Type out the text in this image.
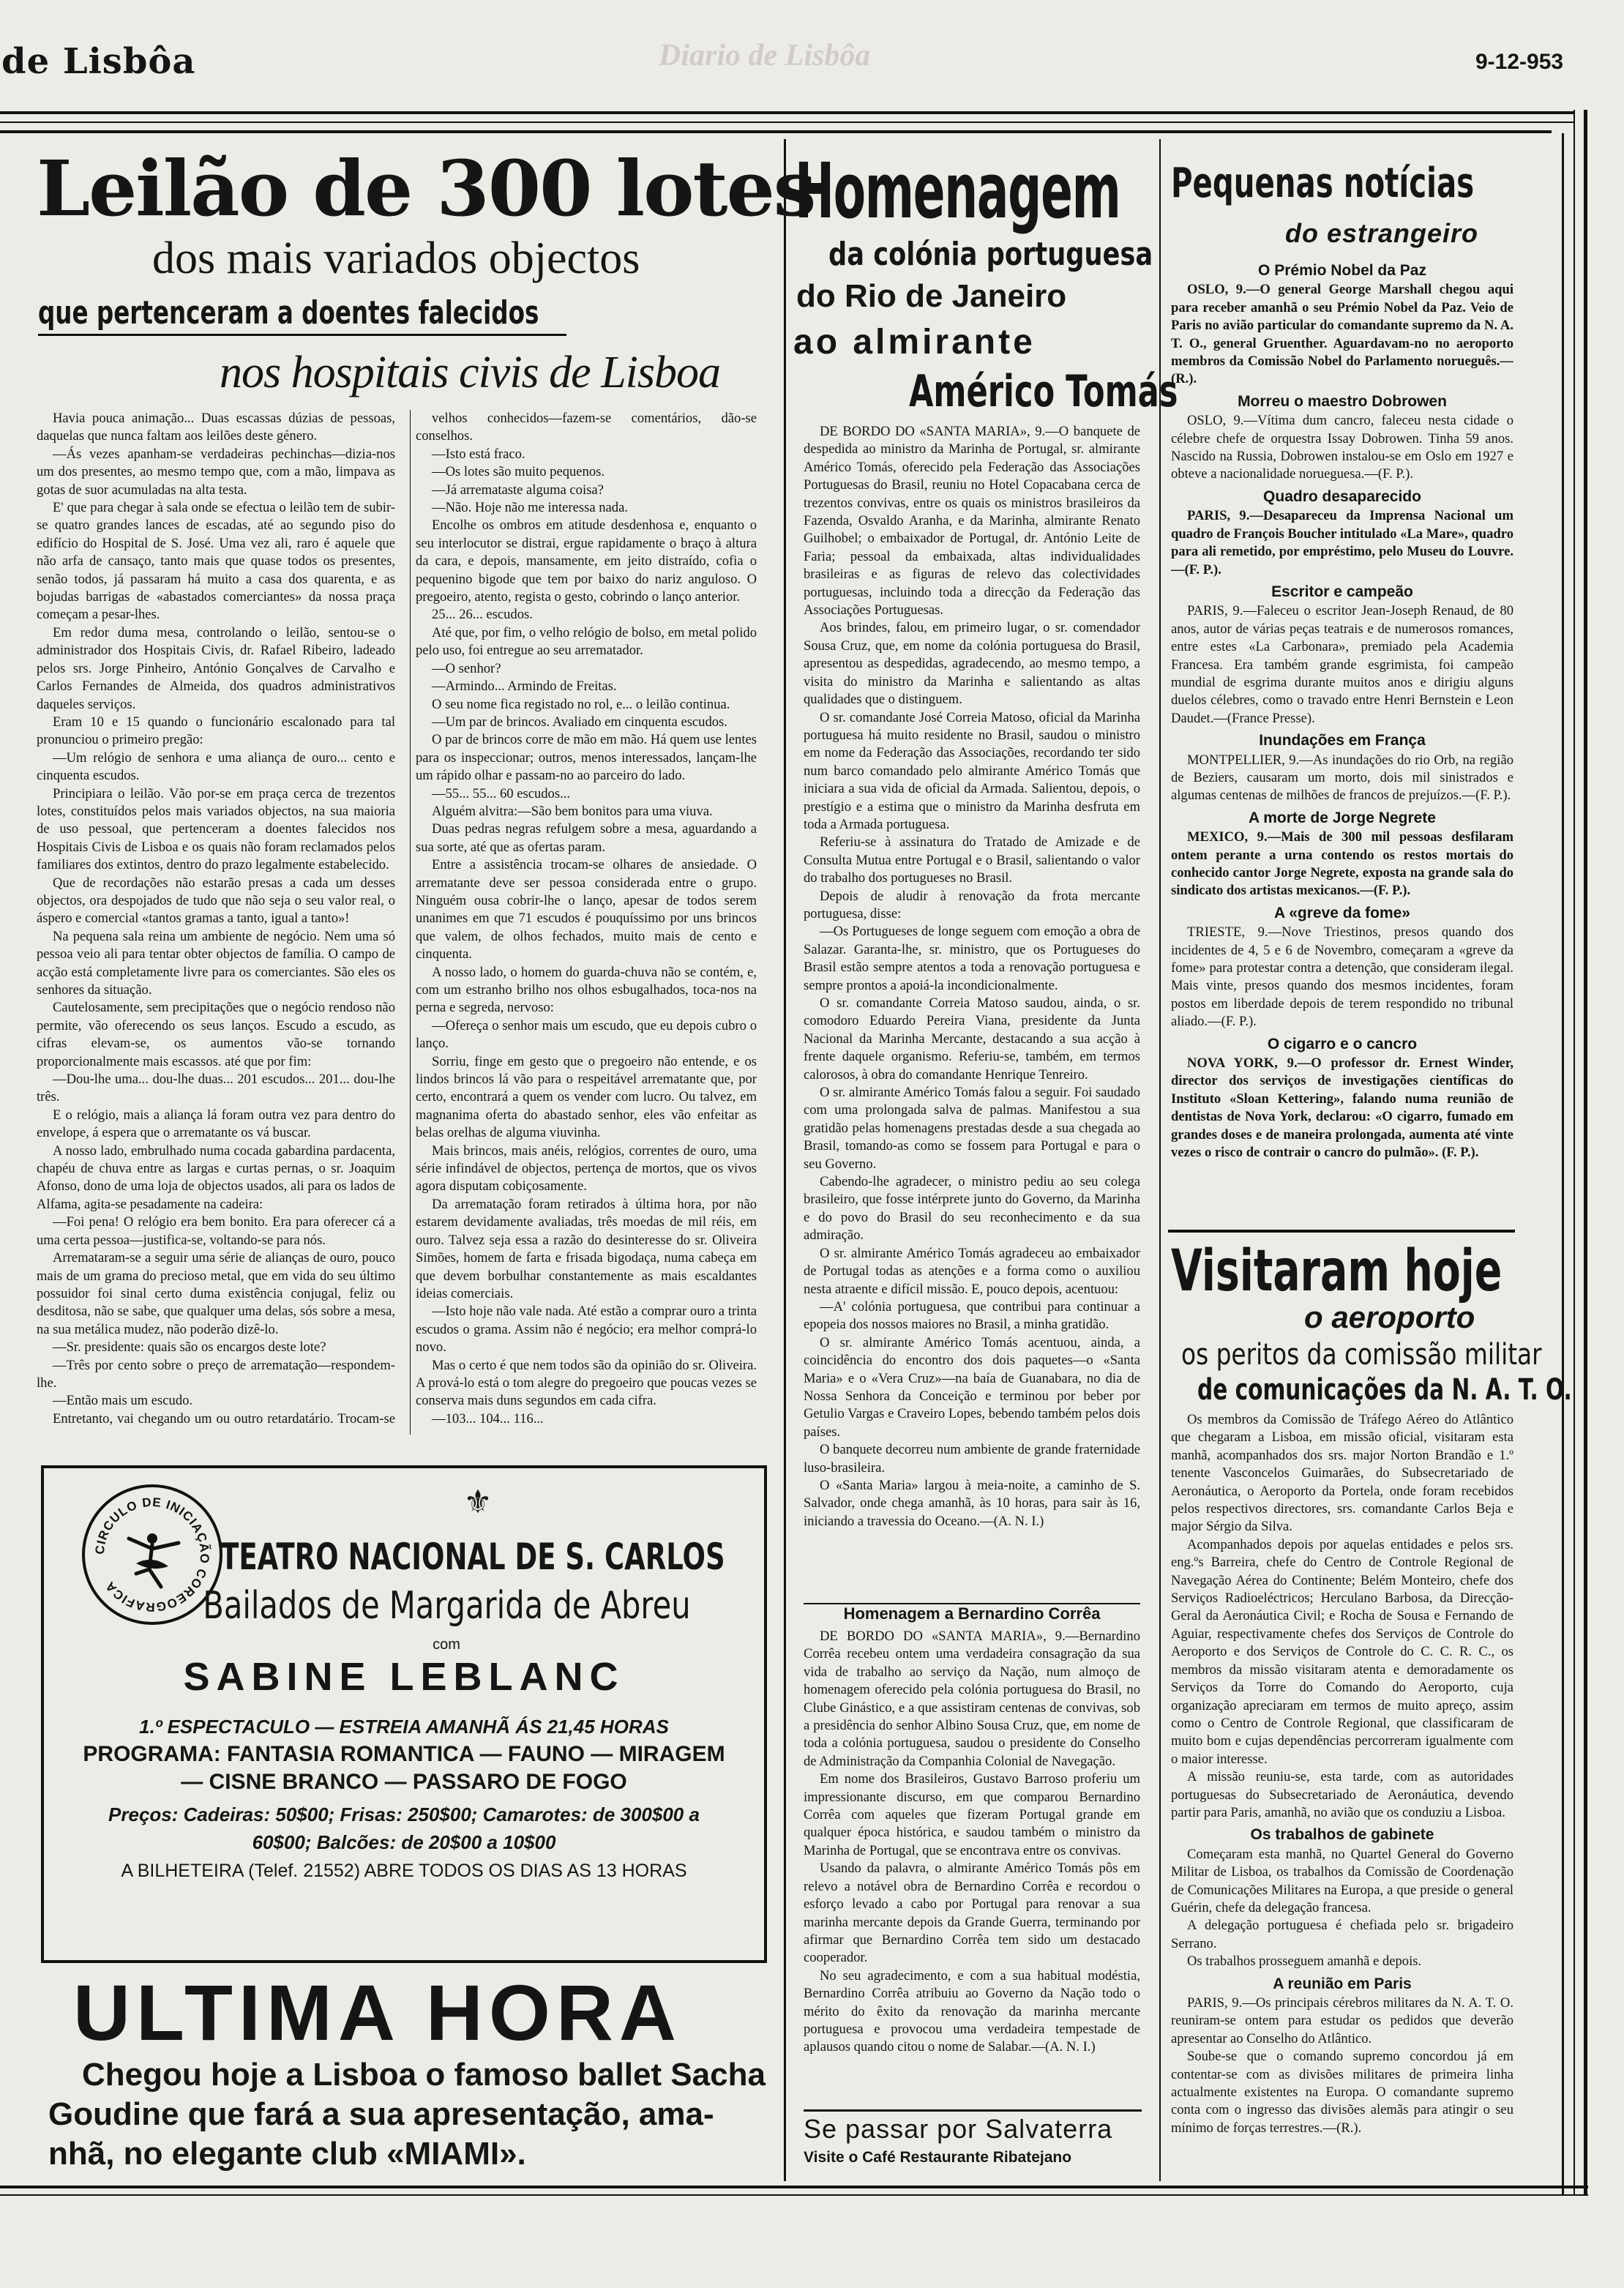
de Lisbôa	Diario de Lisbôa	9-12-953
Leilão de 300 lotes
dos mais variados objectos
que pertenceram a doentes falecidos
nos hospitais civis de Lisboa

Havia pouca animação... Duas escassas dúzias de pessoas, daquelas que nunca faltam aos leilões deste género.

—Ás vezes apanham-se verdadeiras pechinchas—dizia-nos um dos presentes, ao mesmo tempo que, com a mão, limpava as gotas de suor acumuladas na alta testa.

E' que para chegar à sala onde se efectua o leilão tem de subir-se quatro grandes lances de escadas, até ao segundo piso do edifício do Hospital de S. José. Uma vez ali, raro é aquele que não arfa de cansaço, tanto mais que quase todos os presentes, senão todos, já passaram há muito a casa dos quarenta, e as bojudas barrigas de «abastados comerciantes» da nossa praça começam a pesar-lhes.

Em redor duma mesa, controlando o leilão, sentou-se o administrador dos Hospitais Civis, dr. Rafael Ribeiro, ladeado pelos srs. Jorge Pinheiro, António Gonçalves de Carvalho e Carlos Fernandes de Almeida, dos quadros administrativos daqueles serviços.

Eram 10 e 15 quando o funcionário escalonado para tal pronunciou o primeiro pregão:

—Um relógio de senhora e uma aliança de ouro... cento e cinquenta escudos.

Principiara o leilão. Vão por-se em praça cerca de trezentos lotes, constituídos pelos mais variados objectos, na sua maioria de uso pessoal, que pertenceram a doentes falecidos nos Hospitais Civis de Lisboa e os quais não foram reclamados pelos familiares dos extintos, dentro do prazo legalmente estabelecido.

Que de recordações não estarão presas a cada um desses objectos, ora despojados de tudo que não seja o seu valor real, o áspero e comercial «tantos gramas a tanto, igual a tanto»!

Na pequena sala reina um ambiente de negócio. Nem uma só pessoa veio ali para tentar obter objectos de família. O campo de acção está completamente livre para os comerciantes. São eles os senhores da situação.

Cautelosamente, sem precipitações que o negócio rendoso não permite, vão oferecendo os seus lanços. Escudo a escudo, as cifras elevam-se, os aumentos vão-se tornando proporcionalmente mais escassos. até que por fim:

—Dou-lhe uma... dou-lhe duas... 201 escudos... 201... dou-lhe três.

E o relógio, mais a aliança lá foram outra vez para dentro do envelope, á espera que o arrematante os vá buscar.

A nosso lado, embrulhado numa cocada gabardina pardacenta, chapéu de chuva entre as largas e curtas pernas, o sr. Joaquim Afonso, dono de uma loja de objectos usados, ali para os lados de Alfama, agita-se pesadamente na cadeira:

—Foi pena! O relógio era bem bonito. Era para oferecer cá a uma certa pessoa—justifica-se, voltando-se para nós.

Arremataram-se a seguir uma série de alianças de ouro, pouco mais de um grama do precioso metal, que em vida do seu último possuidor foi sinal certo duma existência conjugal, feliz ou desditosa, não se sabe, que qualquer uma delas, sós sobre a mesa, na sua metálica mudez, não poderão dizê-lo.

—Sr. presidente: quais são os encargos deste lote?

—Três por cento sobre o preço de arrematação—respondem-lhe.

—Então mais um escudo.

Entretanto, vai chegando um ou outro retardatário. Trocam-se

velhos conhecidos—fazem-se comentários, dão-se conselhos.

—Isto está fraco.

—Os lotes são muito pequenos.

—Já arremataste alguma coisa?

—Não. Hoje não me interessa nada.

Encolhe os ombros em atitude desdenhosa e, enquanto o seu interlocutor se distrai, ergue rapidamente o braço à altura da cara, e depois, mansamente, em jeito distraído, cofia o pequenino bigode que tem por baixo do nariz anguloso. O pregoeiro, atento, regista o gesto, cobrindo o lanço anterior.

25... 26... escudos.

Até que, por fim, o velho relógio de bolso, em metal polido pelo uso, foi entregue ao seu arrematador.

—O senhor?

—Armindo... Armindo de Freitas.

O seu nome fica registado no rol, e... o leilão continua.

—Um par de brincos. Avaliado em cinquenta escudos.

O par de brincos corre de mão em mão. Há quem use lentes para os inspeccionar; outros, menos interessados, lançam-lhe um rápido olhar e passam-no ao parceiro do lado.

—55... 55... 60 escudos...

Alguém alvitra:—São bem bonitos para uma viuva.

Duas pedras negras refulgem sobre a mesa, aguardando a sua sorte, até que as ofertas param.

Entre a assistência trocam-se olhares de ansiedade. O arrematante deve ser pessoa considerada entre o grupo. Ninguém ousa cobrir-lhe o lanço, apesar de todos serem unanimes em que 71 escudos é pouquíssimo por uns brincos que valem, de olhos fechados, muito mais de cento e cinquenta.

A nosso lado, o homem do guarda-chuva não se contém, e, com um estranho brilho nos olhos esbugalhados, toca-nos na perna e segreda, nervoso:

—Ofereça o senhor mais um escudo, que eu depois cubro o lanço.

Sorriu, finge em gesto que o pregoeiro não entende, e os lindos brincos lá vão para o respeitável arrematante que, por certo, encontrará a quem os vender com lucro. Ou talvez, em magnanima oferta do abastado senhor, eles vão enfeitar as belas orelhas de alguma viuvinha.

Mais brincos, mais anéis, relógios, correntes de ouro, uma série infindável de objectos, pertença de mortos, que os vivos agora disputam cobiçosamente.

Da arrematação foram retirados à última hora, por não estarem devidamente avaliadas, três moedas de mil réis, em ouro. Talvez seja essa a razão do desinteresse do sr. Oliveira Simões, homem de farta e frisada bigodaça, numa cabeça em que devem borbulhar constantemente as mais escaldantes ideias comerciais.

—Isto hoje não vale nada. Até estão a comprar ouro a trinta escudos o grama. Assim não é negócio; era melhor comprá-lo novo.

Mas o certo é que nem todos são da opinião do sr. Oliveira. A prová-lo está o tom alegre do pregoeiro que poucas vezes se conserva mais duns segundos em cada cifra.

—103... 104... 116...

CIRCULO DE INICIAÇÃO COREOGRAFICA
⚜
TEATRO NACIONAL DE S. CARLOS
Bailados de Margarida de Abreu
com
SABINE LEBLANC
1.º ESPECTACULO — ESTREIA AMANHÃ ÁS 21,45 HORAS
PROGRAMA: FANTASIA ROMANTICA — FAUNO — MIRAGEM
— CISNE BRANCO — PASSARO DE FOGO
Preços: Cadeiras: 50$00; Frisas: 250$00; Camarotes: de 300$00 a
60$00; Balcões: de 20$00 a 10$00
A BILHETEIRA (Telef. 21552) ABRE TODOS OS DIAS AS 13 HORAS
ULTIMA HORA
Chegou hoje a Lisboa o famoso ballet Sacha
Goudine que fará a sua apresentação, ama-
nhã, no elegante club «MIAMI».
Homenagem
da colónia portuguesa
do Rio de Janeiro
ao almirante
Américo Tomás

DE BORDO DO «SANTA MARIA», 9.—O banquete de despedida ao ministro da Marinha de Portugal, sr. almirante Américo Tomás, oferecido pela Federação das Associações Portuguesas do Brasil, reuniu no Hotel Copacabana cerca de trezentos convivas, entre os quais os ministros brasileiros da Fazenda, Osvaldo Aranha, e da Marinha, almirante Renato Guilhobel; o embaixador de Portugal, dr. António Leite de Faria; pessoal da embaixada, altas individualidades brasileiras e as figuras de relevo das colectividades portuguesas, incluindo toda a direcção da Federação das Associações Portuguesas.

Aos brindes, falou, em primeiro lugar, o sr. comendador Sousa Cruz, que, em nome da colónia portuguesa do Brasil, apresentou as despedidas, agradecendo, ao mesmo tempo, a visita do ministro da Marinha e salientando as altas qualidades que o distinguem.

O sr. comandante José Correia Matoso, oficial da Marinha portuguesa há muito residente no Brasil, saudou o ministro em nome da Federação das Associações, recordando ter sido num barco comandado pelo almirante Américo Tomás que iniciara a sua vida de oficial da Armada. Salientou, depois, o prestígio e a estima que o ministro da Marinha desfruta em toda a Armada portuguesa.

Referiu-se à assinatura do Tratado de Amizade e de Consulta Mutua entre Portugal e o Brasil, salientando o valor do trabalho dos portugueses no Brasil.

Depois de aludir à renovação da frota mercante portuguesa, disse:

—Os Portugueses de longe seguem com emoção a obra de Salazar. Garanta-lhe, sr. ministro, que os Portugueses do Brasil estão sempre atentos a toda a renovação portuguesa e sempre prontos a apoiá-la incondicionalmente.

O sr. comandante Correia Matoso saudou, ainda, o sr. comodoro Eduardo Pereira Viana, presidente da Junta Nacional da Marinha Mercante, destacando a sua acção à frente daquele organismo. Referiu-se, também, em termos calorosos, à obra do comandante Henrique Tenreiro.

O sr. almirante Américo Tomás falou a seguir. Foi saudado com uma prolongada salva de palmas. Manifestou a sua gratidão pelas homenagens prestadas desde a sua chegada ao Brasil, tomando-as como se fossem para Portugal e para o seu Governo.

Cabendo-lhe agradecer, o ministro pediu ao seu colega brasileiro, que fosse intérprete junto do Governo, da Marinha e do povo do Brasil do seu reconhecimento e da sua admiração.

O sr. almirante Américo Tomás agradeceu ao embaixador de Portugal todas as atenções e a forma como o auxiliou nesta atraente e difícil missão. E, pouco depois, acentuou:

—A' colónia portuguesa, que contribui para continuar a epopeia dos nossos maiores no Brasil, a minha gratidão.

O sr. almirante Américo Tomás acentuou, ainda, a coincidência do encontro dos dois paquetes—o «Santa Maria» e o «Vera Cruz»—na baía de Guanabara, no dia de Nossa Senhora da Conceição e terminou por beber por Getulio Vargas e Craveiro Lopes, bebendo também pelos dois países.

O banquete decorreu num ambiente de grande fraternidade luso-brasileira.

O «Santa Maria» largou à meia-noite, a caminho de S. Salvador, onde chega amanhã, às 10 horas, para sair às 16, iniciando a travessia do Oceano.—(A. N. I.)

Homenagem a Bernardino Corrêa

DE BORDO DO «SANTA MARIA», 9.—Bernardino Corrêa recebeu ontem uma verdadeira consagração da sua vida de trabalho ao serviço da Nação, num almoço de homenagem oferecido pela colónia portuguesa do Brasil, no Clube Ginástico, e a que assistiram centenas de convivas, sob a presidência do senhor Albino Sousa Cruz, que, em nome de toda a colónia portuguesa, saudou o presidente do Conselho de Administração da Companhia Colonial de Navegação.

Em nome dos Brasileiros, Gustavo Barroso proferiu um impressionante discurso, em que comparou Bernardino Corrêa com aqueles que fizeram Portugal grande em qualquer época histórica, e saudou também o ministro da Marinha de Portugal, que se encontrava entre os convivas.

Usando da palavra, o almirante Américo Tomás pôs em relevo a notável obra de Bernardino Corrêa e recordou o esforço levado a cabo por Portugal para renovar a sua marinha mercante depois da Grande Guerra, terminando por afirmar que Bernardino Corrêa tem sido um destacado cooperador.

No seu agradecimento, e com a sua habitual modéstia, Bernardino Corrêa atribuiu ao Governo da Nação todo o mérito do êxito da renovação da marinha mercante portuguesa e provocou uma verdadeira tempestade de aplausos quando citou o nome de Salabar.—(A. N. I.)

Se passar por Salvaterra
Visite o Café Restaurante Ribatejano
Pequenas notícias
do estrangeiro
O Prémio Nobel da Paz

OSLO, 9.—O general George Marshall chegou aqui para receber amanhã o seu Prémio Nobel da Paz. Veio de Paris no avião particular do comandante supremo da N. A. T. O., general Gruenther. Aguardavam-no no aeroporto membros da Comissão Nobel do Parlamento norueguês.—(R.).

Morreu o maestro Dobrowen

OSLO, 9.—Vítima dum cancro, faleceu nesta cidade o célebre chefe de orquestra Issay Dobrowen. Tinha 59 anos. Nascido na Russia, Dobrowen instalou-se em Oslo em 1927 e obteve a nacionalidade norueguesa.—(F. P.).

Quadro desaparecido

PARIS, 9.—Desapareceu da Imprensa Nacional um quadro de François Boucher intitulado «La Mare», quadro para ali remetido, por empréstimo, pelo Museu do Louvre.—(F. P.).

Escritor e campeão

PARIS, 9.—Faleceu o escritor Jean-Joseph Renaud, de 80 anos, autor de várias peças teatrais e de numerosos romances, entre estes «La Carbonara», premiado pela Academia Francesa. Era também grande esgrimista, foi campeão mundial de esgrima durante muitos anos e dirigiu alguns duelos célebres, como o travado entre Henri Bernstein e Leon Daudet.—(France Presse).

Inundações em França

MONTPELLIER, 9.—As inundações do rio Orb, na região de Beziers, causaram um morto, dois mil sinistrados e algumas centenas de milhões de francos de prejuízos.—(F. P.).

A morte de Jorge Negrete

MEXICO, 9.—Mais de 300 mil pessoas desfilaram ontem perante a urna contendo os restos mortais do conhecido cantor Jorge Negrete, exposta na grande sala do sindicato dos artistas mexicanos.—(F. P.).

A «greve da fome»

TRIESTE, 9.—Nove Triestinos, presos quando dos incidentes de 4, 5 e 6 de Novembro, começaram a «greve da fome» para protestar contra a detenção, que consideram ilegal. Mais vinte, presos quando dos mesmos incidentes, foram postos em liberdade depois de terem respondido no tribunal aliado.—(F. P.).

O cigarro e o cancro

NOVA YORK, 9.—O professor dr. Ernest Winder, director dos serviços de investigações científicas do Instituto «Sloan Kettering», falando numa reunião de dentistas de Nova York, declarou: «O cigarro, fumado em grandes doses e de maneira prolongada, aumenta até vinte vezes o risco de contrair o cancro do pulmão». (F. P.).

Visitaram hoje
o aeroporto
os peritos da comissão militar
de comunicações da N. A. T. O.

Os membros da Comissão de Tráfego Aéreo do Atlântico que chegaram a Lisboa, em missão oficial, visitaram esta manhã, acompanhados dos srs. major Norton Brandão e 1.º tenente Vasconcelos Guimarães, do Subsecretariado de Aeronáutica, o Aeroporto da Portela, onde foram recebidos pelos respectivos directores, srs. comandante Carlos Beja e major Sérgio da Silva.

Acompanhados depois por aquelas entidades e pelos srs. eng.ºs Barreira, chefe do Centro de Controle Regional de Navegação Aérea do Continente; Belém Monteiro, chefe dos Serviços Radioeléctricos; Herculano Barbosa, da Direcção-Geral da Aeronáutica Civil; e Rocha de Sousa e Fernando de Aguiar, respectivamente chefes dos Serviços de Controle do Aeroporto e dos Serviços de Controle do C. C. R. C., os membros da missão visitaram atenta e demoradamente os Serviços da Torre do Comando do Aeroporto, cuja organização apreciaram em termos de muito apreço, assim como o Centro de Controle Regional, que classificaram de muito bom e cujas dependências percorreram igualmente com o maior interesse.

A missão reuniu-se, esta tarde, com as autoridades portuguesas do Subsecretariado de Aeronáutica, devendo partir para Paris, amanhã, no avião que os conduziu a Lisboa.

Os trabalhos de gabinete

Começaram esta manhã, no Quartel General do Governo Militar de Lisboa, os trabalhos da Comissão de Coordenação de Comunicações Militares na Europa, a que preside o general Guérin, chefe da delegação francesa.

A delegação portuguesa é chefiada pelo sr. brigadeiro Serrano.

Os trabalhos prosseguem amanhã e depois.

A reunião em Paris

PARIS, 9.—Os principais cérebros militares da N. A. T. O. reuniram-se ontem para estudar os pedidos que deverão apresentar ao Conselho do Atlântico.

Soube-se que o comando supremo concordou já em contentar-se com as divisões militares de primeira linha actualmente existentes na Europa. O comandante supremo conta com o ingresso das divisões alemãs para atingir o seu mínimo de forças terrestres.—(R.).
